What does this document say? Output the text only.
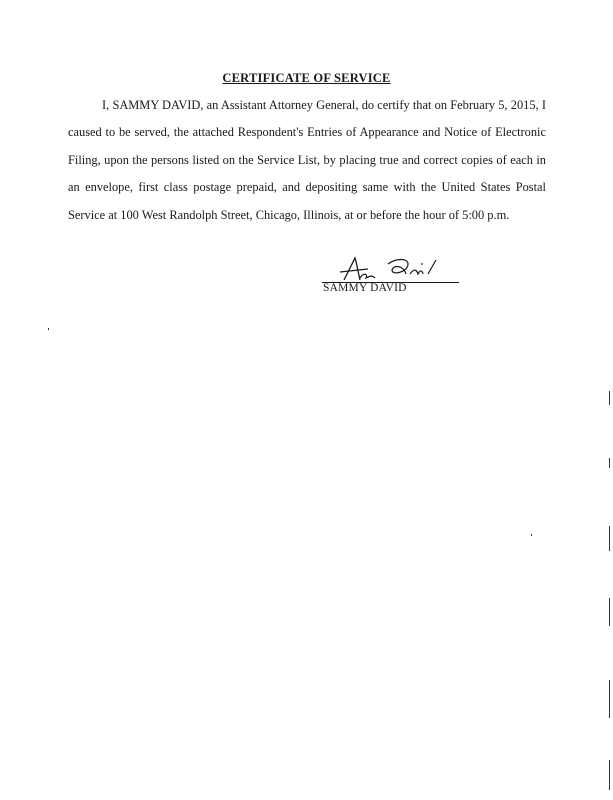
CERTIFICATE OF SERVICE

I, SAMMY DAVID, an Assistant Attorney General, do certify that on February 5, 2015, I caused to be served, the attached Respondent's Entries of Appearance and Notice of Electronic Filing, upon the persons listed on the Service List, by placing true and correct copies of each in an envelope, first class postage prepaid, and depositing same with the United States Postal Service at 100 West Randolph Street, Chicago, Illinois, at or before the hour of 5:00 p.m.

SAMMY DAVID
